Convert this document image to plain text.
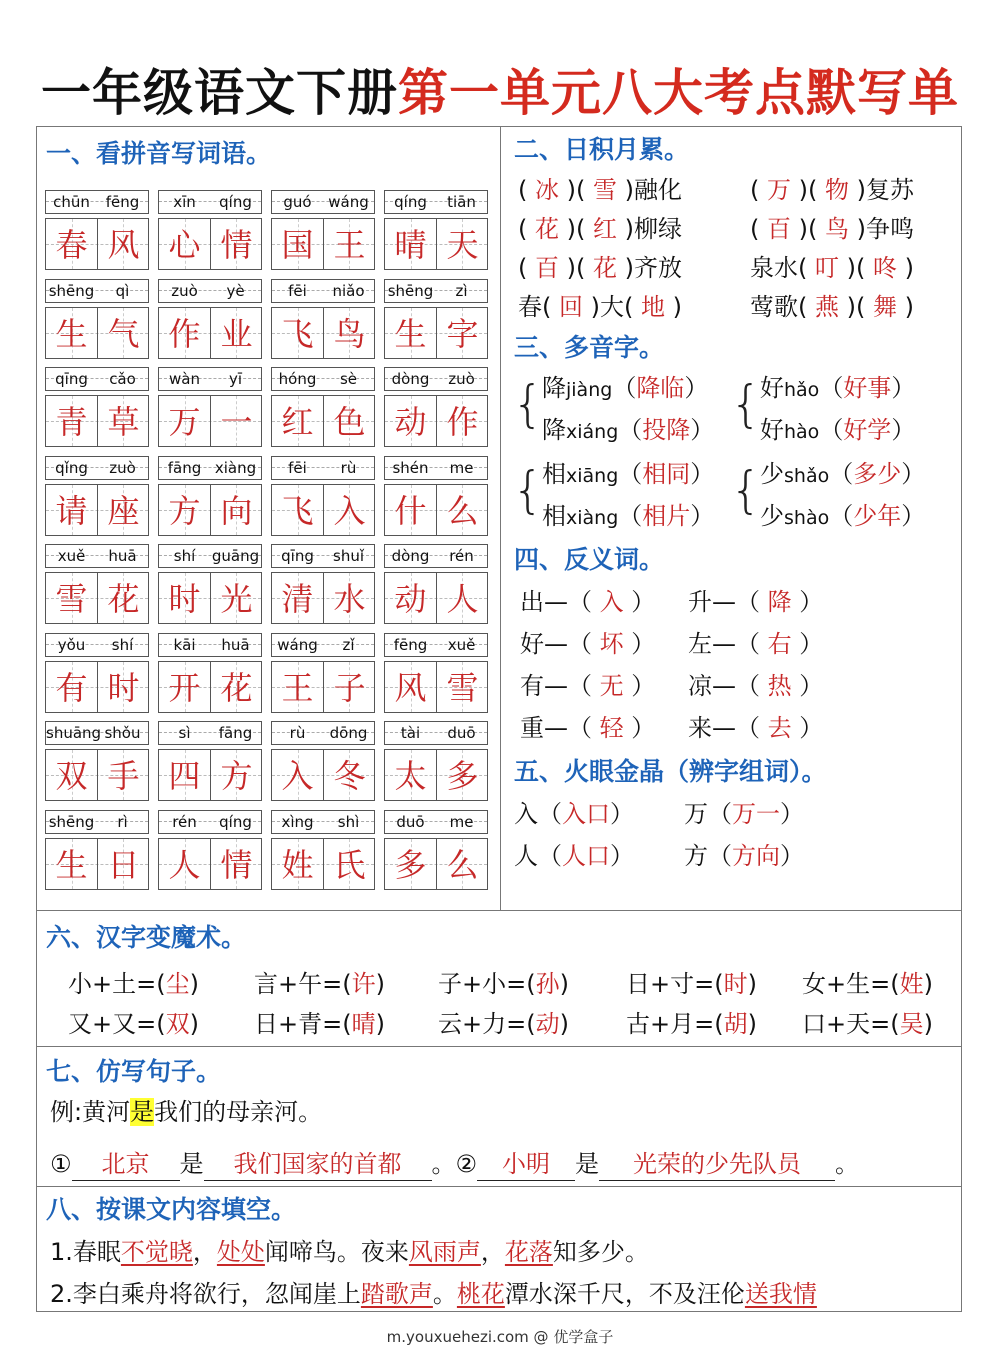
一年级语文下册第一单元八大考点默写单
一、看拼音写词语。
chūn	fēng
春 风
xīn	qíng
心 情
guó	wáng
国 王
qíng	tiān
晴 天
shēng	qì
生 气
zuò	yè
作 业
fēi	niǎo
飞 鸟
shēng	zì
生 字
qīng	cǎo
青 草
wàn	yī
万 一
hóng	sè
红 色
dòng	zuò
动 作
qǐng	zuò
请 座
fāng xiàng
方 向
fēi	rù
飞 入
shén	me
什 么
xuě	huā
雪 花
shí	guāng
时 光
qīng	shuǐ
清 水
dòng	rén
动 人
yǒu	shí
有 时
kāi	huā
开 花
wáng	zǐ
王 子
fēng	xuě
风 雪
shuāng shǒu
双 手
sì	fāng
四 方
rù	dōng
入 冬
tài	duō
太 多
shēng	rì
生 日
rén	qíng
人 情
xìng	shì
姓 氏
duō	me
多 么
二、日积月累。
( 冰 )( 雪 )融化	( 万 )( 物 )复苏
( 花 )( 红 )柳绿	( 百 )( 鸟 )争鸣
( 百 )( 花 )齐放	泉水( 叮 )( 咚 )
春( 回 )大( 地 )	莺歌( 燕 )( 舞 )
三、多音字。
{
降jiàng（降临）
降xiáng（投降） {
好hǎo（好事）
好hào（好学）
{
相xiāng（相同）
相xiàng（相片） {
少shǎo（多少）
少shào（少年）
四、反义词。
出—（ 入 ） 升—（ 降 ）
好—（ 坏 ） 左—（ 右 ）
有—（ 无 ） 凉—（ 热 ）
重—（ 轻 ） 来—（ 去 ）
五、火眼金晶（辨字组词）。
入（入口） 万（万一）
人（人口） 方（方向）
六、汉字变魔术。
小+土=(尘) 言+午=(许) 子+小=(孙) 日+寸=(时) 女+生=(姓)
又+又=(双) 日+青=(晴) 云+力=(动) 古+月=(胡) 口+天=(吴)
七、仿写句子。
例:黄河是我们的母亲河。
① 北京 是 我们国家的首都 。② 小明 是 光荣的少先队员 。
八、按课文内容填空。
1.春眠不觉晓，处处闻啼鸟。夜来风雨声，花落知多少。
2.李白乘舟将欲行，忽闻崖上踏歌声。桃花潭水深千尺，不及汪伦送我情
m.youxuehezi.com @ 优学盒子
